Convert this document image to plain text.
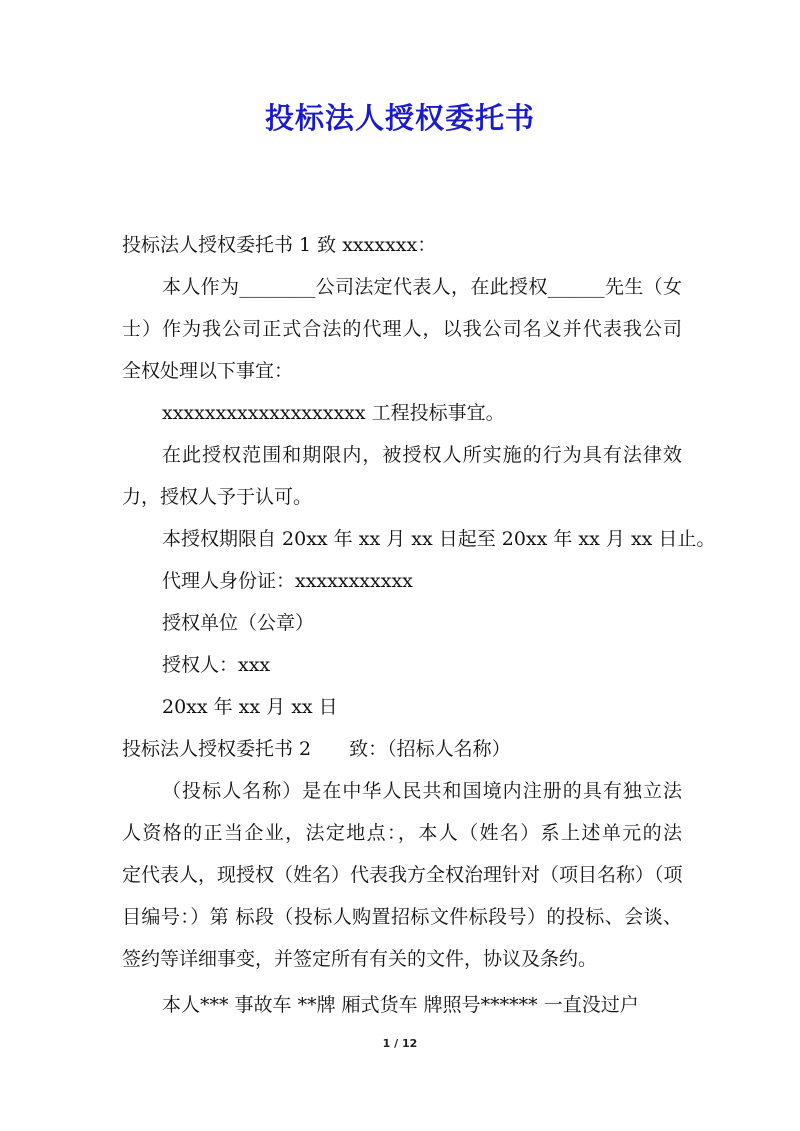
投标法人授权委托书

投标法人授权委托书 1 致 xxxxxxx：

本人作为________公司法定代表人，在此授权______先生（女
士）作为我公司正式合法的代理人，以我公司名义并代表我公司
全权处理以下事宜：

xxxxxxxxxxxxxxxxxxx 工程投标事宜。

在此授权范围和期限内，被授权人所实施的行为具有法律效
力，授权人予于认可。

本授权期限自 20xx 年 xx 月 xx 日起至 20xx 年 xx 月 xx 日止。

代理人身份证：xxxxxxxxxxx

授权单位（公章）

授权人：xxx

20xx 年 xx 月 xx 日

投标法人授权委托书 2　　致：（招标人名称）

（投标人名称）是在中华人民共和国境内注册的具有独立法
人资格的正当企业，法定地点：，本人（姓名）系上述单元的法
定代表人，现授权（姓名）代表我方全权治理针对（项目名称）（项
目编号：）第 标段（投标人购置招标文件标段号）的投标、会谈、
签约等详细事变，并签定所有有关的文件，协议及条约。

本人*** 事故车 **牌 厢式货车 牌照号****** 一直没过户

1 / 12
